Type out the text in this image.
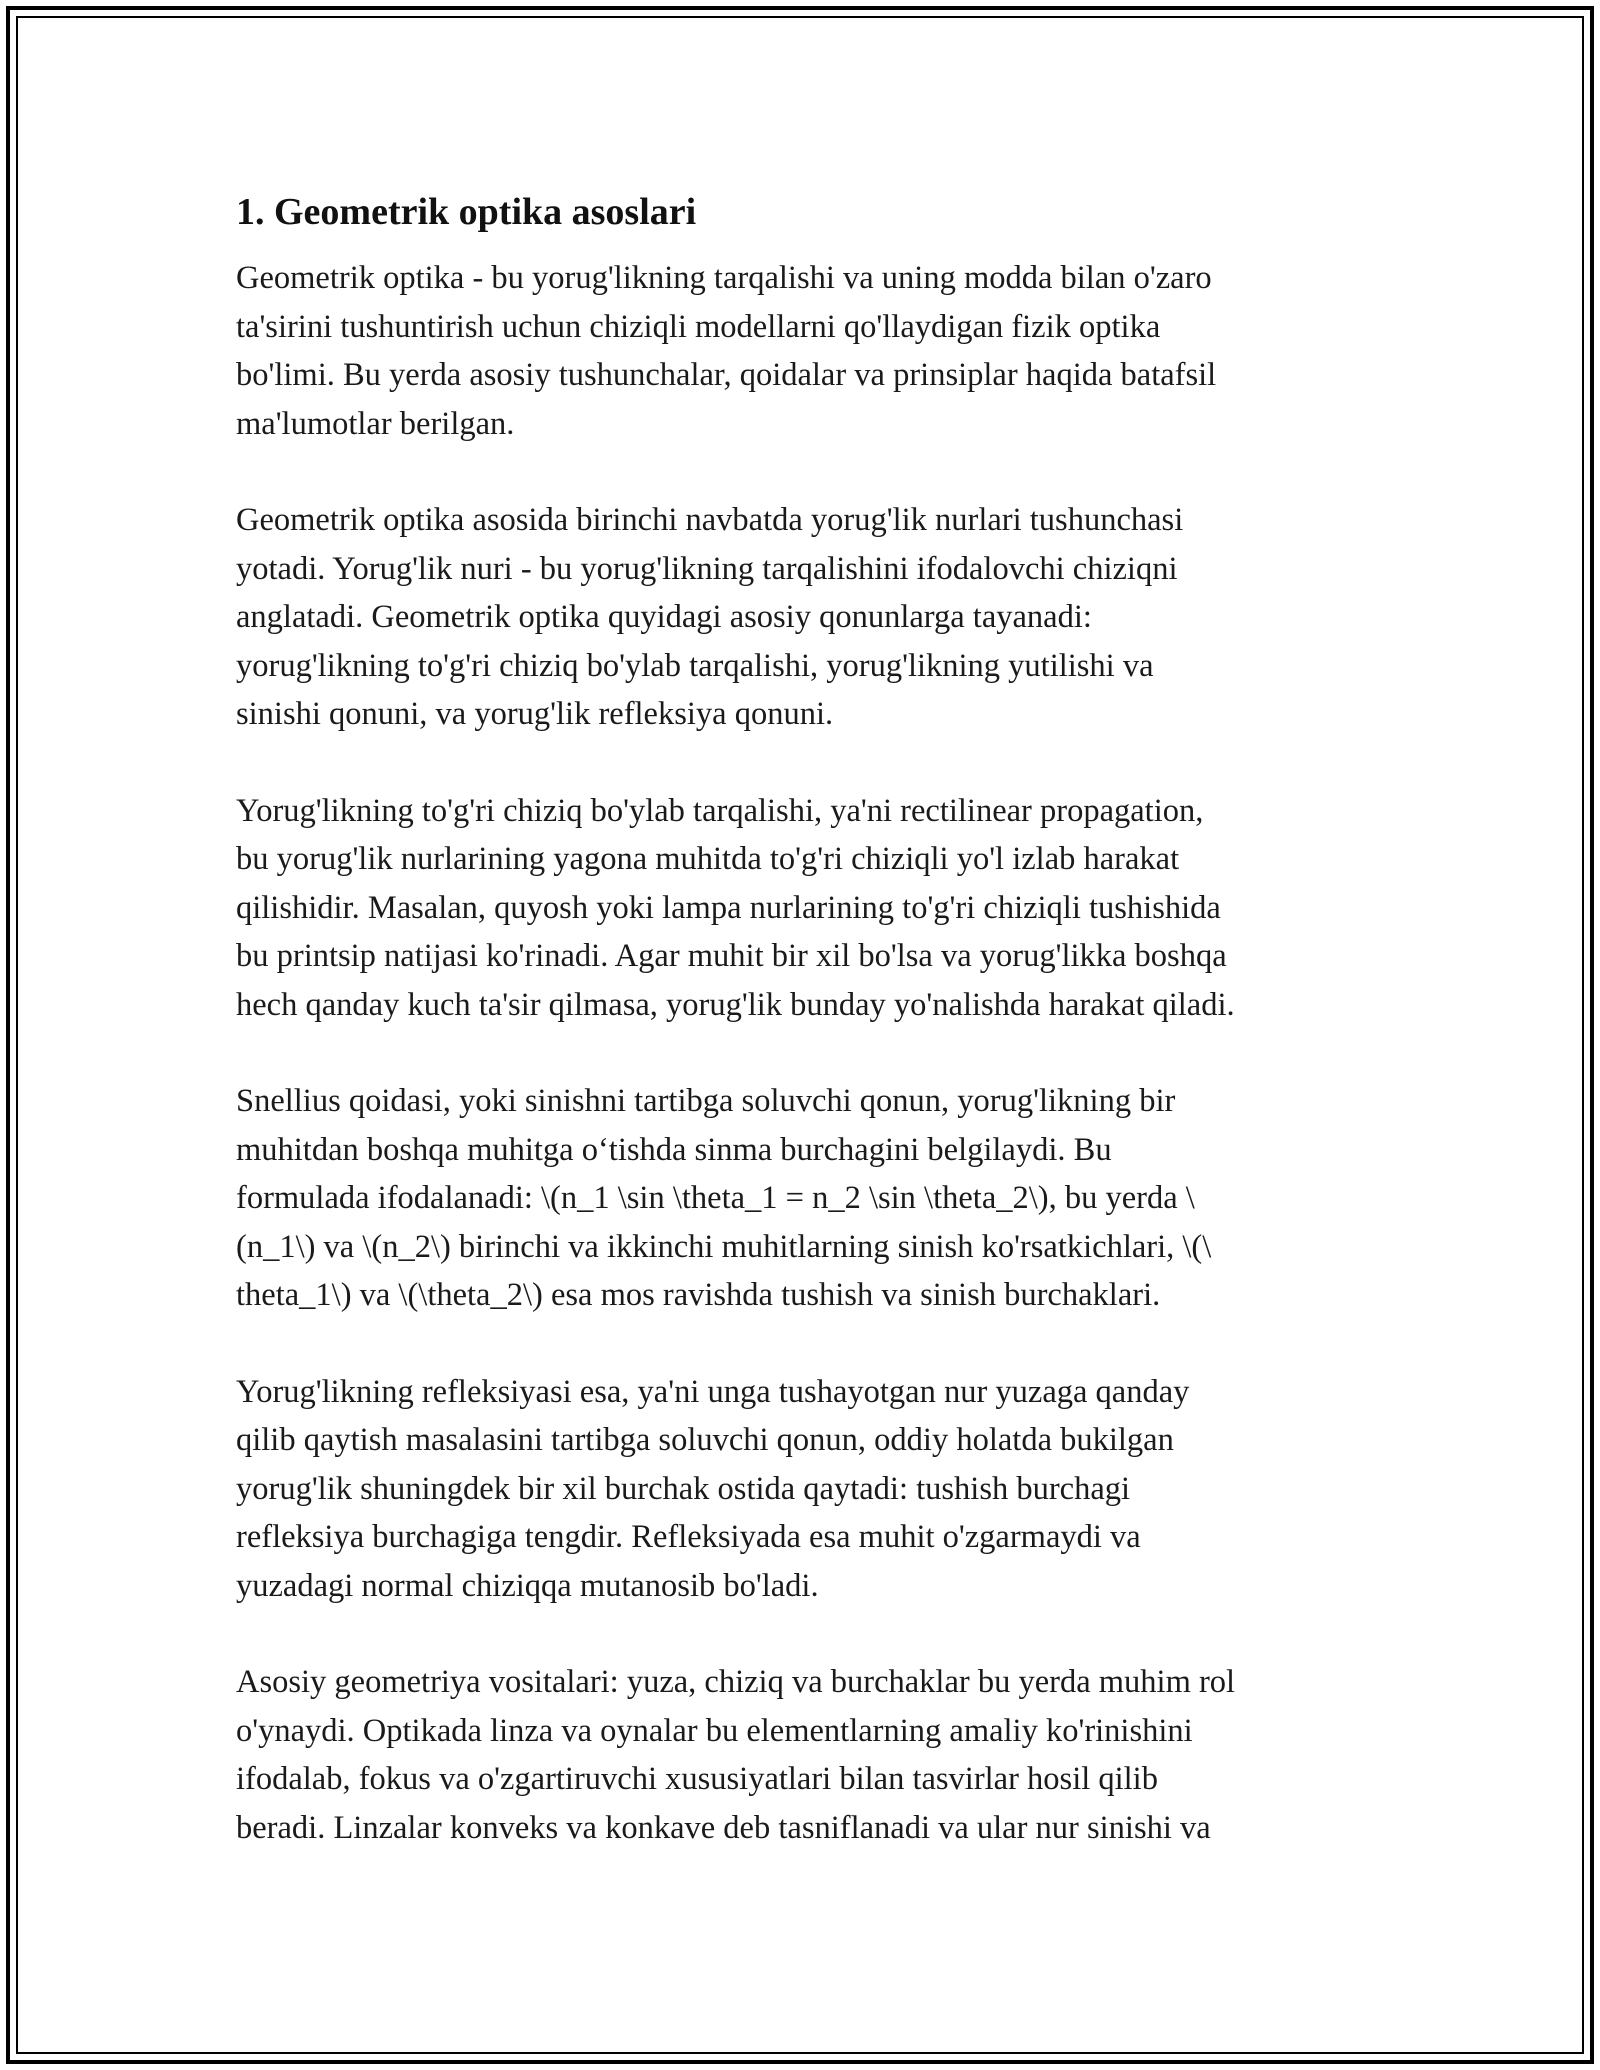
1. Geometrik optika asoslari
Geometrik optika - bu yorug'likning tarqalishi va uning modda bilan o'zaro
ta'sirini tushuntirish uchun chiziqli modellarni qo'llaydigan fizik optika
bo'limi. Bu yerda asosiy tushunchalar, qoidalar va prinsiplar haqida batafsil
ma'lumotlar berilgan.
Geometrik optika asosida birinchi navbatda yorug'lik nurlari tushunchasi
yotadi. Yorug'lik nuri - bu yorug'likning tarqalishini ifodalovchi chiziqni
anglatadi. Geometrik optika quyidagi asosiy qonunlarga tayanadi:
yorug'likning to'g'ri chiziq bo'ylab tarqalishi, yorug'likning yutilishi va
sinishi qonuni, va yorug'lik refleksiya qonuni.
Yorug'likning to'g'ri chiziq bo'ylab tarqalishi, ya'ni rectilinear propagation,
bu yorug'lik nurlarining yagona muhitda to'g'ri chiziqli yo'l izlab harakat
qilishidir. Masalan, quyosh yoki lampa nurlarining to'g'ri chiziqli tushishida
bu printsip natijasi ko'rinadi. Agar muhit bir xil bo'lsa va yorug'likka boshqa
hech qanday kuch ta'sir qilmasa, yorug'lik bunday yo'nalishda harakat qiladi.
Snellius qoidasi, yoki sinishni tartibga soluvchi qonun, yorug'likning bir
muhitdan boshqa muhitga o‘tishda sinma burchagini belgilaydi. Bu
formulada ifodalanadi: \(n_1 \sin \theta_1 = n_2 \sin \theta_2\), bu yerda \
(n_1\) va \(n_2\) birinchi va ikkinchi muhitlarning sinish ko'rsatkichlari, \(\
theta_1\) va \(\theta_2\) esa mos ravishda tushish va sinish burchaklari.
Yorug'likning refleksiyasi esa, ya'ni unga tushayotgan nur yuzaga qanday
qilib qaytish masalasini tartibga soluvchi qonun, oddiy holatda bukilgan
yorug'lik shuningdek bir xil burchak ostida qaytadi: tushish burchagi
refleksiya burchagiga tengdir. Refleksiyada esa muhit o'zgarmaydi va
yuzadagi normal chiziqqa mutanosib bo'ladi.
Asosiy geometriya vositalari: yuza, chiziq va burchaklar bu yerda muhim rol
o'ynaydi. Optikada linza va oynalar bu elementlarning amaliy ko'rinishini
ifodalab, fokus va o'zgartiruvchi xususiyatlari bilan tasvirlar hosil qilib
beradi. Linzalar konveks va konkave deb tasniflanadi va ular nur sinishi va
